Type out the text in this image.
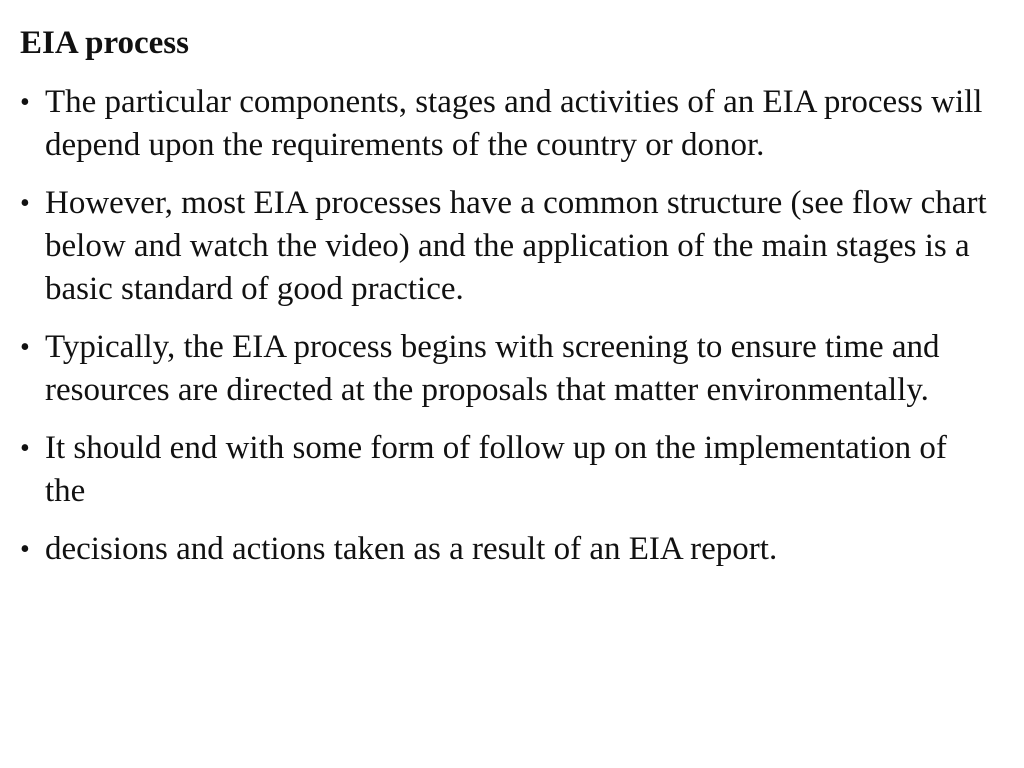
EIA process
• The particular components, stages and activities of an EIA process will depend upon the requirements of the country or donor.
• However, most EIA processes have a common structure (see flow chart below and watch the video) and the application of the main stages is a basic standard of good practice.
• Typically, the EIA process begins with screening to ensure time and resources are directed at the proposals that matter environmentally.
• It should end with some form of follow up on the implementation of the
• decisions and actions taken as a result of an EIA report.
